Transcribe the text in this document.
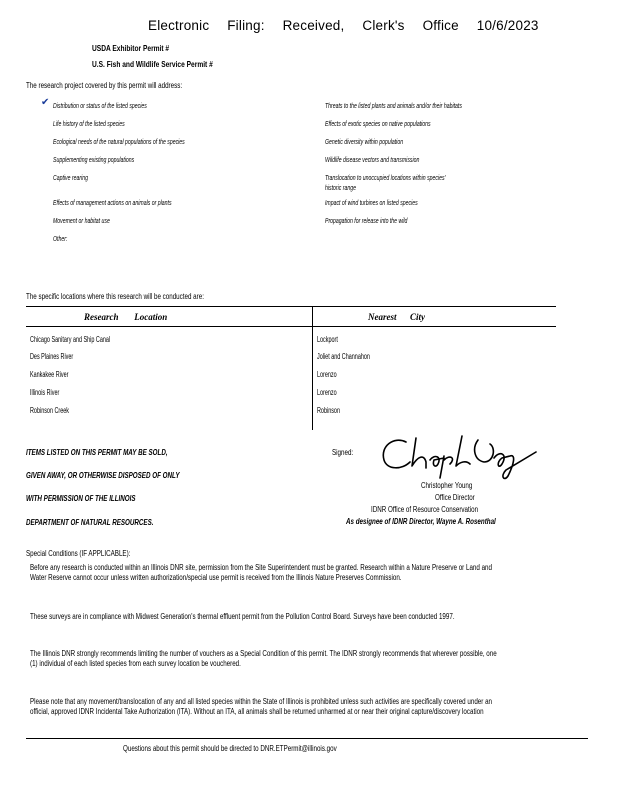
Electronic Filing: Received, Clerk's Office 10/6/2023
USDA Exhibitor Permit #
U.S. Fish and Wildlife Service Permit #
The research project covered by this permit will address:
✔ Distribution or status of the listed species
Life history of the listed species
Ecological needs of the natural populations of the species
Supplementing existing populations
Captive rearing
Effects of management actions on animals or plants
Movement or habitat use
Other:
Threats to the listed plants and animals and/or their habitats
Effects of exotic species on native populations
Genetic diversity within population
Wildlife disease vectors and transmission
Translocation to unoccupied locations within species'
historic range
Impact of wind turbines on listed species
Propagation for release into the wild
The specific locations where this research will be conducted are:
Research       Location	Nearest      City
Chicago Sanitary and Ship Canal	Lockport
Des Plaines River	Joliet and Channahon
Kankakee River	Lorenzo
Illinois River	Lorenzo
Robinson Creek	Robinson
ITEMS LISTED ON THIS PERMIT MAY BE SOLD,
GIVEN AWAY, OR OTHERWISE DISPOSED OF ONLY
WITH PERMISSION OF THE ILLINOIS
DEPARTMENT OF NATURAL RESOURCES.
Signed:
Christopher Young
Office Director
IDNR Office of Resource Conservation
As designee of IDNR Director, Wayne A. Rosenthal
Special Conditions (IF APPLICABLE):
Before any research is conducted within an Illinois DNR site, permission from the Site Superintendent must be granted. Research within a Nature Preserve or Land and Water Reserve cannot occur unless written authorization/special use permit is received from the Illinois Nature Preserves Commission.
These surveys are in compliance with Midwest Generation's thermal effluent permit from the Pollution Control Board. Surveys have been conducted 1997.
The Illinois DNR strongly recommends limiting the number of vouchers as a Special Condition of this permit. The IDNR strongly recommends that wherever possible, one (1) individual of each listed species from each survey location be vouchered.
Please note that any movement/translocation of any and all listed species within the State of Illinois is prohibited unless such activities are specifically covered under an official, approved IDNR Incidental Take Authorization (ITA). Without an ITA, all animals shall be returned unharmed at or near their original capture/discovery location
Questions about this permit should be directed to DNR.ETPermit@illinois.gov
